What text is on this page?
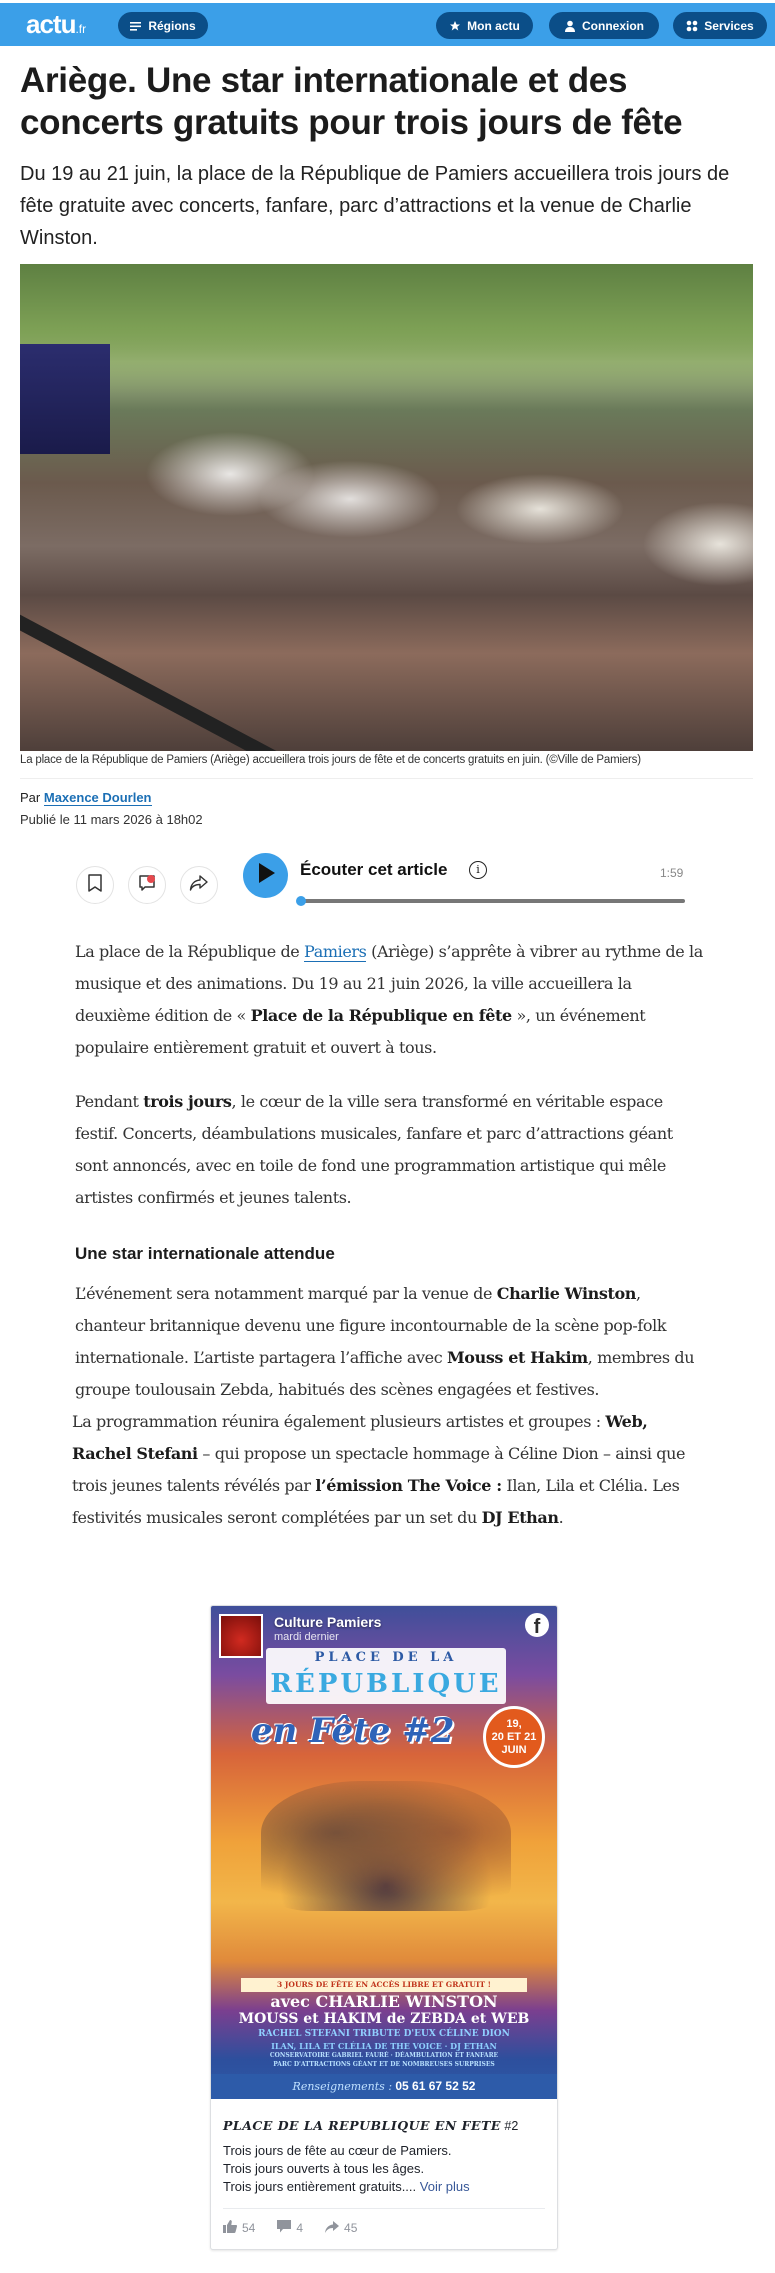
actu.fr	Régions	Mon actu	Connexion	Services
Ariège. Une star internationale et des concerts gratuits pour trois jours de fête

Du 19 au 21 juin, la place de la République de Pamiers accueillera trois jours de fête gratuite avec concerts, fanfare, parc d’attractions et la venue de Charlie Winston.

La place de la République de Pamiers (Ariège) accueillera trois jours de fête et de concerts gratuits en juin. (©Ville de Pamiers)

Par Maxence Dourlen
Publié le 11 mars 2026 à 18h02
Écouter cet article	i	1:59

La place de la République de Pamiers (Ariège) s’apprête à vibrer au rythme de la musique et des animations. Du 19 au 21 juin 2026, la ville accueillera la deuxième édition de « Place de la République en fête », un événement populaire entièrement gratuit et ouvert à tous.

Pendant trois jours, le cœur de la ville sera transformé en véritable espace festif. Concerts, déambulations musicales, fanfare et parc d’attractions géant sont annoncés, avec en toile de fond une programmation artistique qui mêle artistes confirmés et jeunes talents.

Une star internationale attendue

L’événement sera notamment marqué par la venue de Charlie Winston, chanteur britannique devenu une figure incontournable de la scène pop-folk internationale. L’artiste partagera l’affiche avec Mouss et Hakim, membres du groupe toulousain Zebda, habitués des scènes engagées et festives.

La programmation réunira également plusieurs artistes et groupes : Web, Rachel Stefani – qui propose un spectacle hommage à Céline Dion – ainsi que trois jeunes talents révélés par l’émission The Voice : Ilan, Lila et Clélia. Les festivités musicales seront complétées par un set du DJ Ethan.

PLACE DE LA
RÉPUBLIQUE
en Fête #2	19,
20 ET 21
JUIN
3 JOURS DE FÊTE EN ACCÈS LIBRE ET GRATUIT !
avec CHARLIE WINSTON
MOUSS et HAKIM de ZEBDA et WEB
RACHEL STEFANI TRIBUTE D'EUX CÉLINE DION
ILAN, LILA ET CLÉLIA DE THE VOICE · DJ ETHAN
CONSERVATOIRE GABRIEL FAURÉ · DÉAMBULATION ET FANFARE
PARC D'ATTRACTIONS GÉANT ET DE NOMBREUSES SURPRISES
Renseignements : 05 61 67 52 52
Culture Pamiers
mardi dernier	f
PLACE DE LA REPUBLIQUE EN FETE #2
Trois jours de fête au cœur de Pamiers.
Trois jours ouverts à tous les âges.
Trois jours entièrement gratuits.... Voir plus
54	4	45
